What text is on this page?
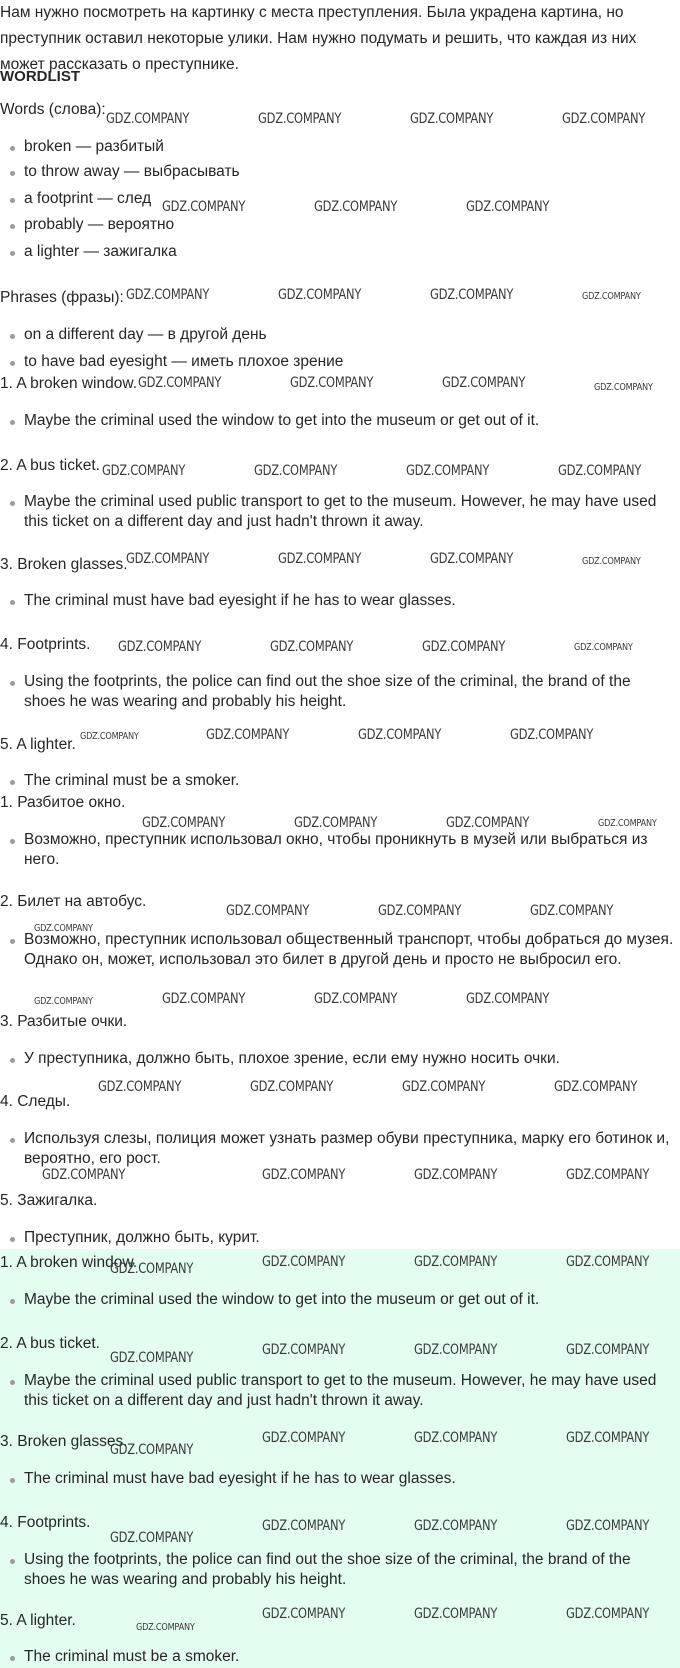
Нам нужно посмотреть на картинку с места преступления. Была украдена картина, но преступник оставил некоторые улики. Нам нужно подумать и решить, что каждая из них может рассказать о преступнике.
WORDLIST
Words (слова):
broken — разбитый
to throw away — выбрасывать
a footprint — след
probably — вероятно
a lighter — зажигалка
Phrases (фразы):
on a different day — в другой день
to have bad eyesight — иметь плохое зрение
1. A broken window.
Maybe the criminal used the window to get into the museum or get out of it.
2. A bus ticket.
Maybe the criminal used public transport to get to the museum. However, he may have used this ticket on a different day and just hadn't thrown it away.
3. Broken glasses.
The criminal must have bad eyesight if he has to wear glasses.
4. Footprints.
Using the footprints, the police can find out the shoe size of the criminal, the brand of the shoes he was wearing and probably his height.
5. A lighter.
The criminal must be a smoker.
1. Разбитое окно.
Возможно, преступник использовал окно, чтобы проникнуть в музей или выбраться из него.
2. Билет на автобус.
Возможно, преступник использовал общественный транспорт, чтобы добраться до музея. Однако он, может, использовал это билет в другой день и просто не выбросил его.
3. Разбитые очки.
У преступника, должно быть, плохое зрение, если ему нужно носить очки.
4. Следы.
Используя слезы, полиция может узнать размер обуви преступника, марку его ботинок и, вероятно, его рост.
5. Зажигалка.
Преступник, должно быть, курит.
1. A broken window.
Maybe the criminal used the window to get into the museum or get out of it.
2. A bus ticket.
Maybe the criminal used public transport to get to the museum. However, he may have used this ticket on a different day and just hadn't thrown it away.
3. Broken glasses.
The criminal must have bad eyesight if he has to wear glasses.
4. Footprints.
Using the footprints, the police can find out the shoe size of the criminal, the brand of the shoes he was wearing and probably his height.
5. A lighter.
The criminal must be a smoker.
GDZ.COMPANY	GDZ.COMPANY	GDZ.COMPANY	GDZ.COMPANY
GDZ.COMPANY	GDZ.COMPANY	GDZ.COMPANY
GDZ.COMPANY	GDZ.COMPANY	GDZ.COMPANY	GDZ.COMPANY
GDZ.COMPANY	GDZ.COMPANY	GDZ.COMPANY	GDZ.COMPANY
GDZ.COMPANY	GDZ.COMPANY	GDZ.COMPANY	GDZ.COMPANY
GDZ.COMPANY	GDZ.COMPANY	GDZ.COMPANY	GDZ.COMPANY
GDZ.COMPANY	GDZ.COMPANY	GDZ.COMPANY	GDZ.COMPANY
GDZ.COMPANY	GDZ.COMPANY	GDZ.COMPANY	GDZ.COMPANY
GDZ.COMPANY	GDZ.COMPANY	GDZ.COMPANY	GDZ.COMPANY
GDZ.COMPANY	GDZ.COMPANY	GDZ.COMPANY
GDZ.COMPANY
GDZ.COMPANY	GDZ.COMPANY	GDZ.COMPANY	GDZ.COMPANY
GDZ.COMPANY	GDZ.COMPANY	GDZ.COMPANY	GDZ.COMPANY
GDZ.COMPANY	GDZ.COMPANY	GDZ.COMPANY	GDZ.COMPANY
GDZ.COMPANY	GDZ.COMPANY	GDZ.COMPANY	GDZ.COMPANY
GDZ.COMPANY	GDZ.COMPANY	GDZ.COMPANY	GDZ.COMPANY
GDZ.COMPANY
GDZ.COMPANY	GDZ.COMPANY	GDZ.COMPANY
GDZ.COMPANY
GDZ.COMPANY	GDZ.COMPANY	GDZ.COMPANY
GDZ.COMPANY
GDZ.COMPANY	GDZ.COMPANY	GDZ.COMPANY
